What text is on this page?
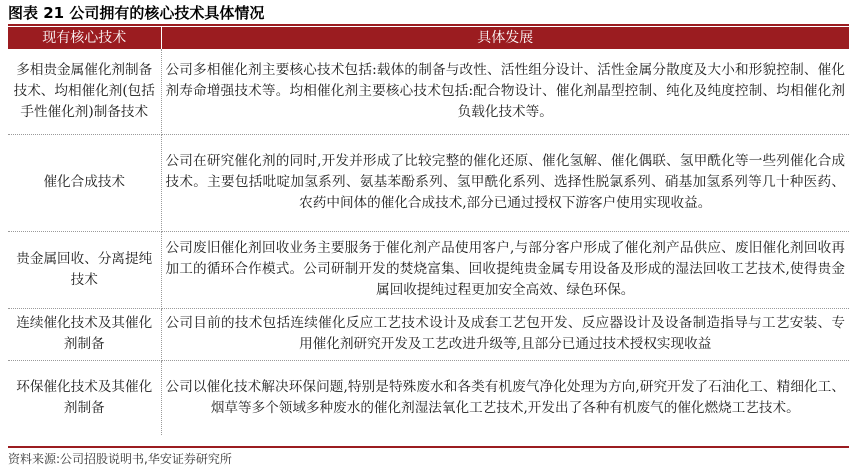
图表 21 公司拥有的核心技术具体情况
现有核心技术	具体发展
多相贵金属催化剂制备技术、均相催化剂(包括手性催化剂)制备技术	公司多相催化剂主要核心技术包括:载体的制备与改性、活性组分设计、活性金属分散度及大小和形貌控制、催化剂寿命增强技术等。均相催化剂主要核心技术包括:配合物设计、催化剂晶型控制、纯化及纯度控制、均相催化剂负载化技术等。
催化合成技术	公司在研究催化剂的同时,开发并形成了比较完整的催化还原、催化氢解、催化偶联、氢甲酰化等一些列催化合成技术。主要包括吡啶加氢系列、氨基苯酚系列、氢甲酰化系列、选择性脱氯系列、硝基加氢系列等几十种医药、农药中间体的催化合成技术,部分已通过授权下游客户使用实现收益。
贵金属回收、分离提纯技术	公司废旧催化剂回收业务主要服务于催化剂产品使用客户,与部分客户形成了催化剂产品供应、废旧催化剂回收再加工的循环合作模式。公司研制开发的焚烧富集、回收提纯贵金属专用设备及形成的湿法回收工艺技术,使得贵金属回收提纯过程更加安全高效、绿色环保。
连续催化技术及其催化剂制备	公司目前的技术包括连续催化反应工艺技术设计及成套工艺包开发、反应器设计及设备制造指导与工艺安装、专用催化剂研究开发及工艺改进升级等,且部分已通过技术授权实现收益
环保催化技术及其催化剂制备	公司以催化技术解决环保问题,特别是特殊废水和各类有机废气净化处理为方向,研究开发了石油化工、精细化工、烟草等多个领域多种废水的催化剂湿法氧化工艺技术,开发出了各种有机废气的催化燃烧工艺技术。
资料来源:公司招股说明书,华安证券研究所
